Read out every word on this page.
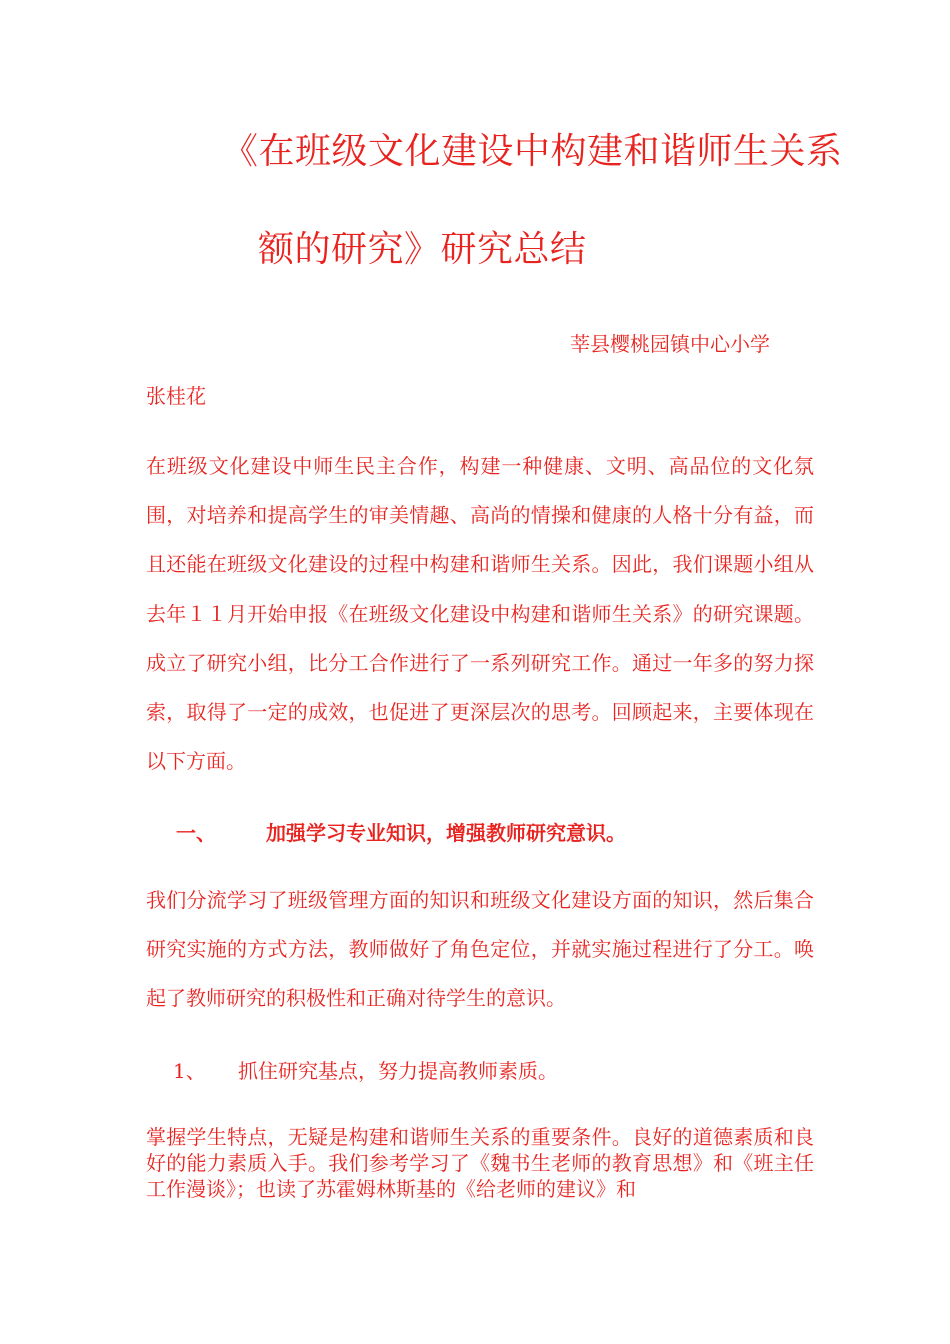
《在班级文化建设中构建和谐师生关系
额的研究》研究总结
莘县樱桃园镇中心小学
张桂花
在班级文化建设中师生民主合作，构建一种健康、文明、高品位的文化氛围，对培养和提高学生的审美情趣、高尚的情操和健康的人格十分有益，而且还能在班级文化建设的过程中构建和谐师生关系。因此，我们课题小组从去年１１月开始申报《在班级文化建设中构建和谐师生关系》的研究课题。成立了研究小组，比分工合作进行了一系列研究工作。通过一年多的努力探索，取得了一定的成效，也促进了更深层次的思考。回顾起来，主要体现在以下方面。
一、	加强学习专业知识，增强教师研究意识。
我们分流学习了班级管理方面的知识和班级文化建设方面的知识，然后集合研究实施的方式方法，教师做好了角色定位，并就实施过程进行了分工。唤起了教师研究的积极性和正确对待学生的意识。
1、 抓住研究基点，努力提高教师素质。
掌握学生特点，无疑是构建和谐师生关系的重要条件。良好的道德素质和良好的能力素质入手。我们参考学习了《魏书生老师的教育思想》和《班主任工作漫谈》；也读了苏霍姆林斯基的《给老师的建议》和
